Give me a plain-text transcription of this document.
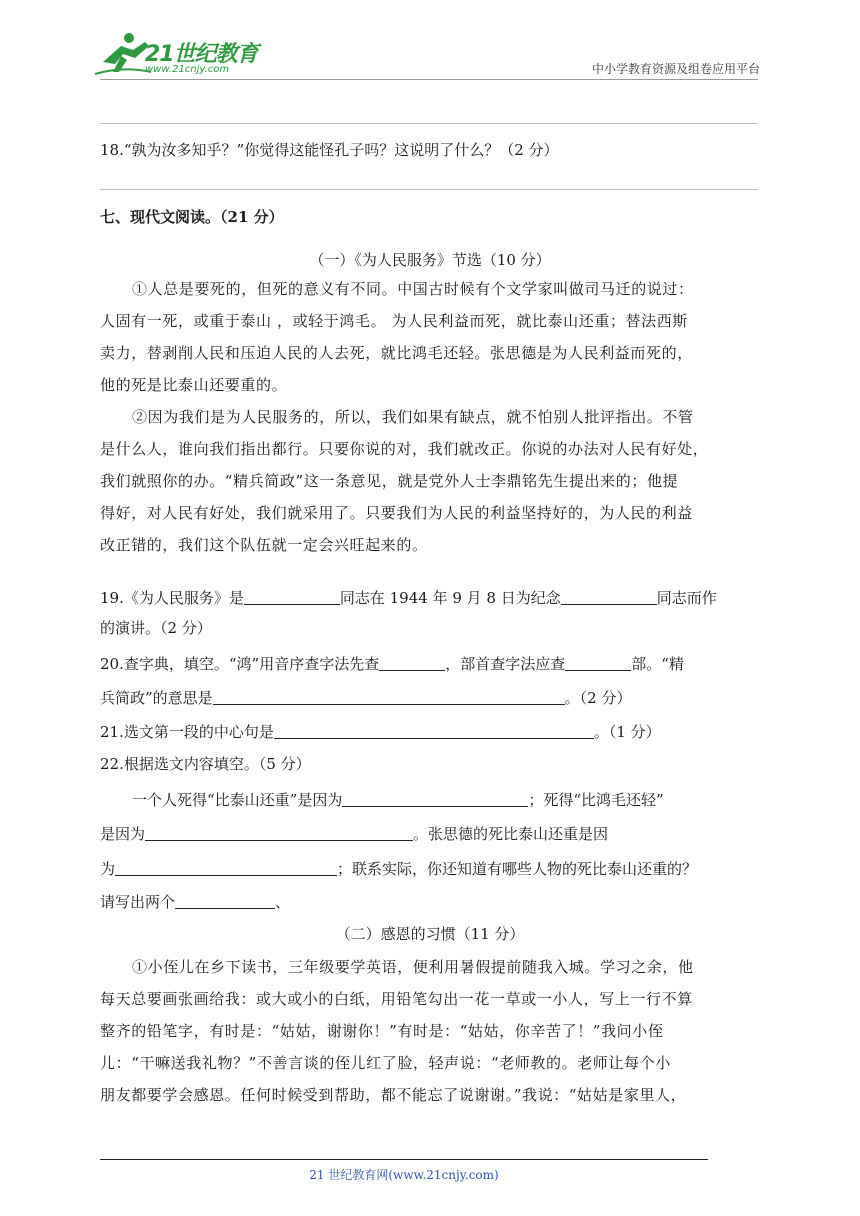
21世纪教育
www.21cnjy.com	中小学教育资源及组卷应用平台
18.“孰为汝多知乎？”你觉得这能怪孔子吗？这说明了什么？（2 分）
七、现代文阅读。（21 分）
（一）《为人民服务》节选（10 分）
①人总是要死的，但死的意义有不同。中国古时候有个文学家叫做司马迁的说过：
人固有一死，或重于泰山 ，或轻于鸿毛。 为人民利益而死，就比泰山还重；替法西斯
卖力，替剥削人民和压迫人民的人去死，就比鸿毛还轻。张思德是为人民利益而死的，
他的死是比泰山还要重的。
②因为我们是为人民服务的，所以，我们如果有缺点，就不怕别人批评指出。不管
是什么人，谁向我们指出都行。只要你说的对，我们就改正。你说的办法对人民有好处，
我们就照你的办。“精兵简政”这一条意见，就是党外人士李鼎铭先生提出来的；他提
得好，对人民有好处，我们就采用了。只要我们为人民的利益坚持好的，为人民的利益
改正错的，我们这个队伍就一定会兴旺起来的。
19.《为人民服务》是	同志在 1944 年 9 月 8 日为纪念	同志而作
的演讲。（2 分）
20.查字典，填空。“鸿”用音序查字法先查	，部首查字法应查	部。“精
兵简政”的意思是	。（2 分）
21.选文第一段的中心句是	。（1 分）
22.根据选文内容填空。（5 分）
一个人死得“比泰山还重”是因为	；死得“比鸿毛还轻”
是因为	。张思德的死比泰山还重是因
为	；联系实际，你还知道有哪些人物的死比泰山还重的？
请写出两个	、
（二）感恩的习惯（11 分）
①小侄儿在乡下读书，三年级要学英语，便利用暑假提前随我入城。学习之余，他
每天总要画张画给我：或大或小的白纸，用铅笔勾出一花一草或一小人，写上一行不算
整齐的铅笔字，有时是：“姑姑，谢谢你！”有时是：“姑姑，你辛苦了！”我问小侄
儿：“干嘛送我礼物？”不善言谈的侄儿红了脸，轻声说：“老师教的。老师让每个小
朋友都要学会感恩。任何时候受到帮助，都不能忘了说谢谢。”我说：“姑姑是家里人，
21 世纪教育网(www.21cnjy.com)
